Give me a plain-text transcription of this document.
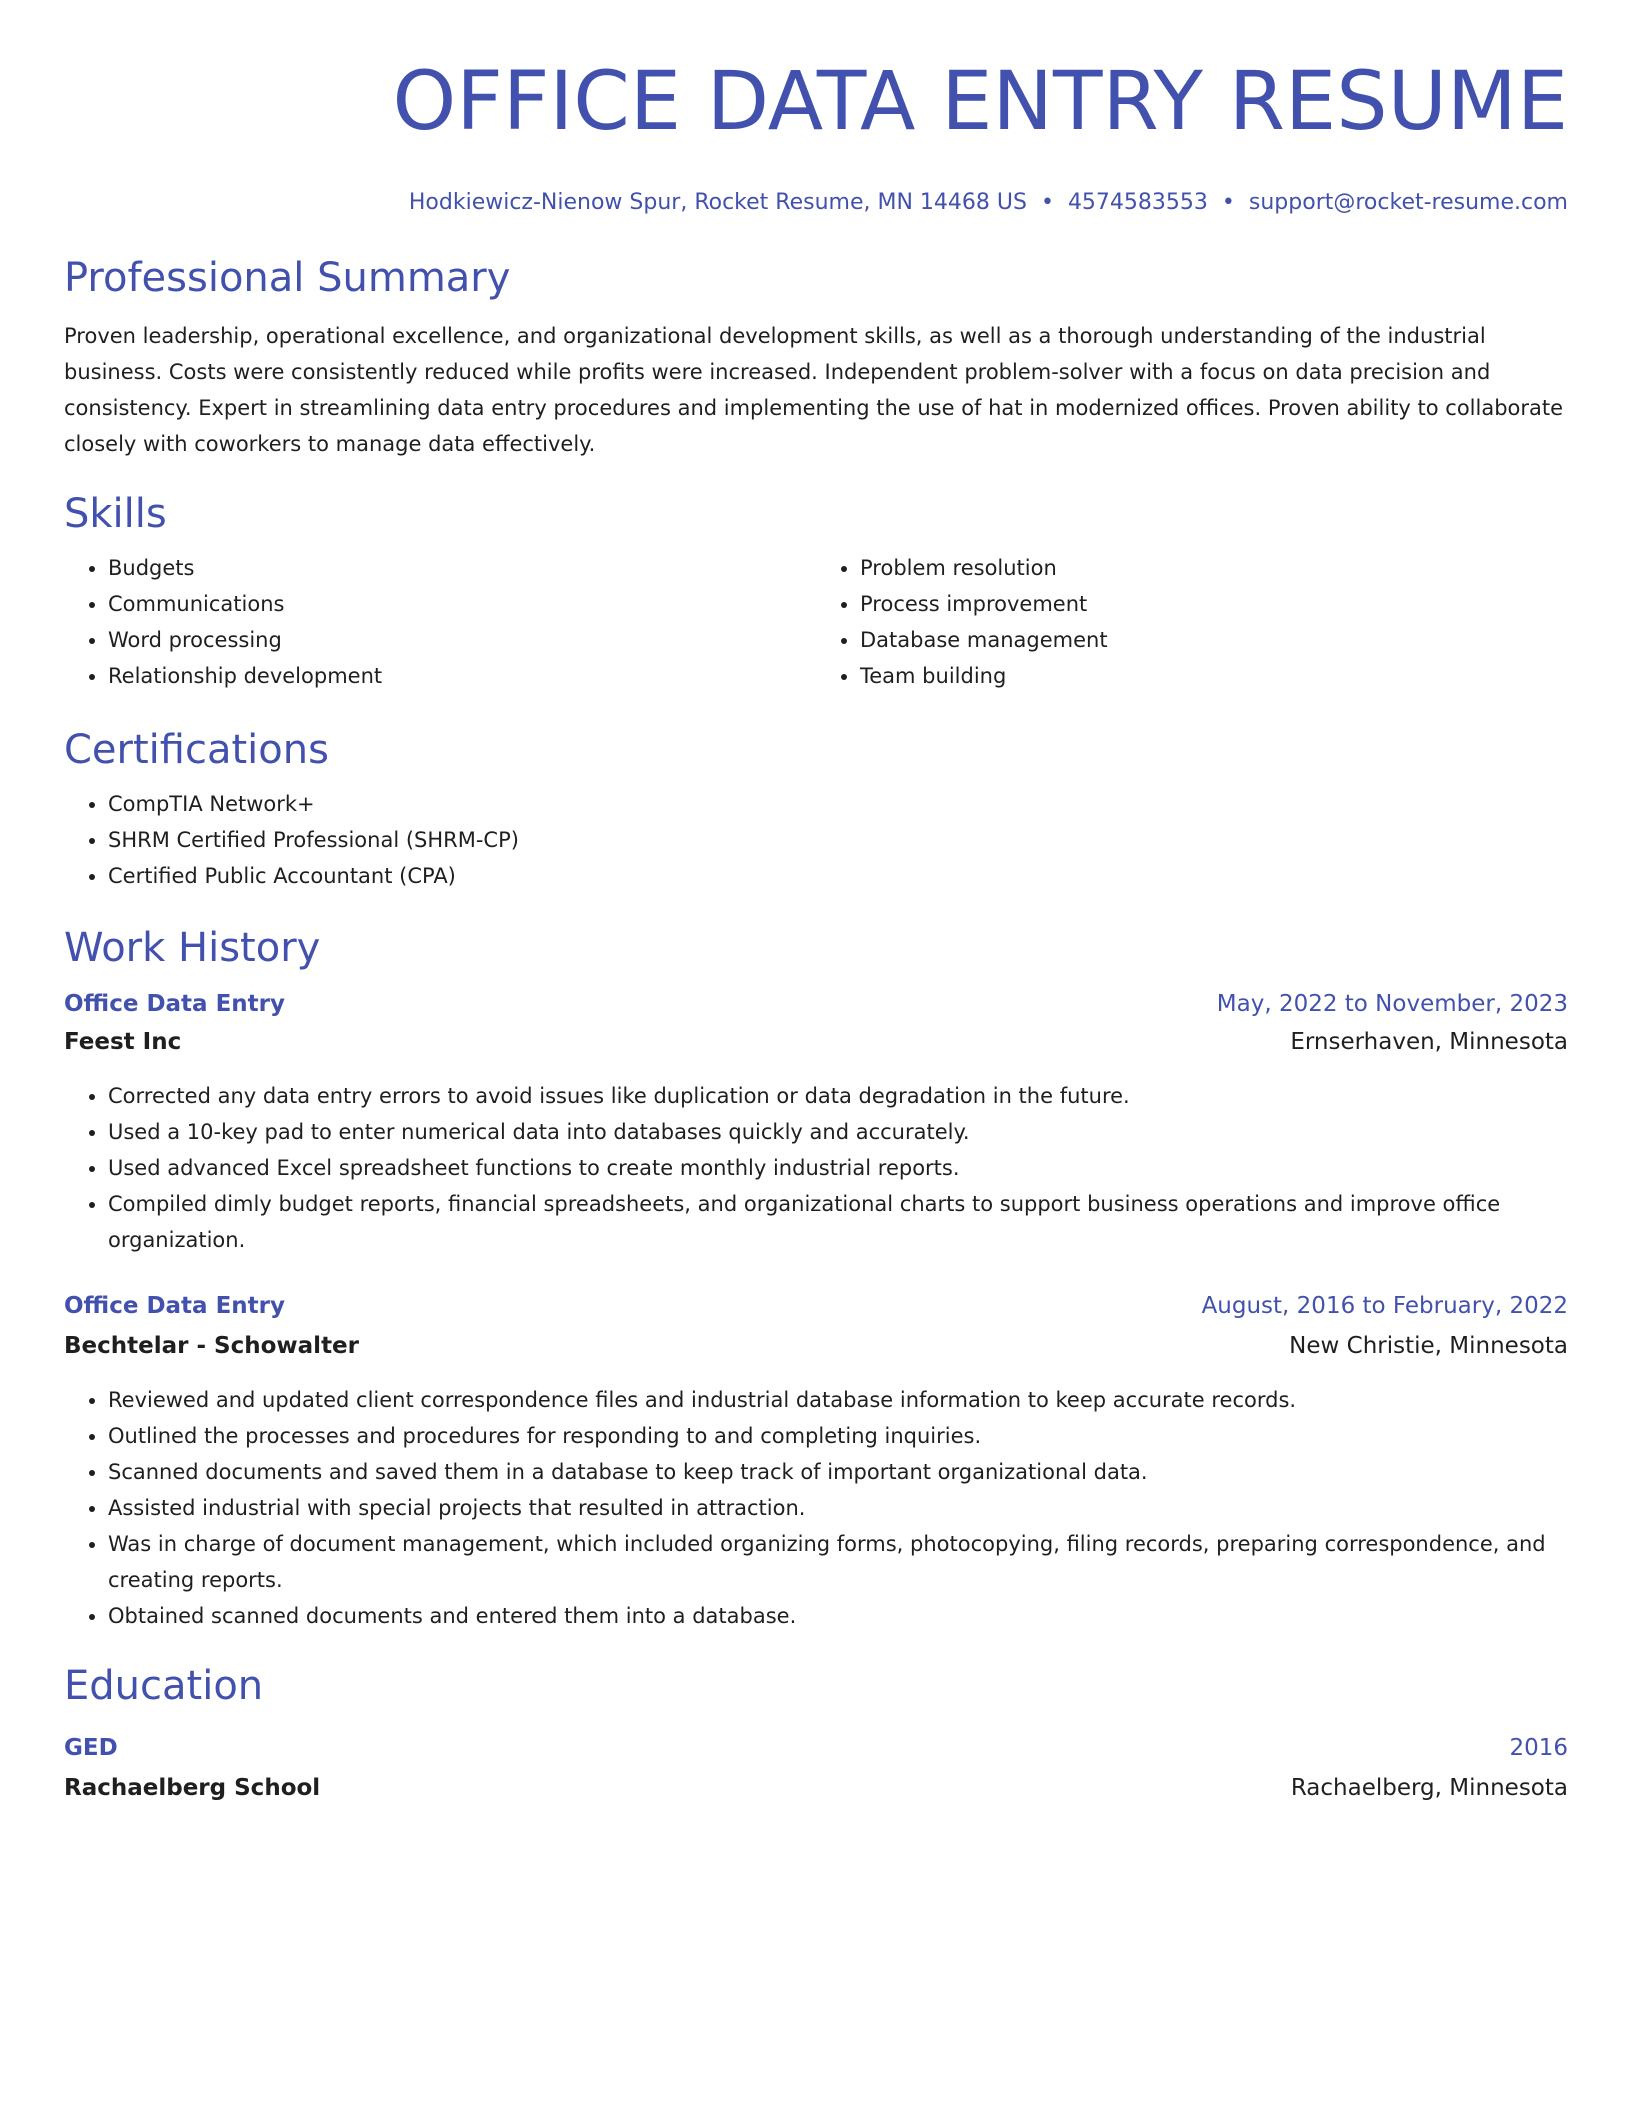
OFFICE DATA ENTRY RESUME
Hodkiewicz-Nienow Spur, Rocket Resume, MN 14468 US • 4574583553 • support@rocket-resume.com
Professional Summary

Proven leadership, operational excellence, and organizational development skills, as well as a thorough understanding of the industrial business. Costs were consistently reduced while profits were increased. Independent problem-solver with a focus on data precision and consistency. Expert in streamlining data entry procedures and implementing the use of hat in modernized offices. Proven ability to collaborate closely with coworkers to manage data effectively.

Skills
• Budgets
• Communications
• Word processing
• Relationship development
• Problem resolution
• Process improvement
• Database management
• Team building
Certifications
• CompTIA Network+
• SHRM Certified Professional (SHRM-CP)
• Certified Public Accountant (CPA)
Work History
Office Data Entry	May, 2022 to November, 2023
Feest Inc	Ernserhaven, Minnesota
• Corrected any data entry errors to avoid issues like duplication or data degradation in the future.
• Used a 10-key pad to enter numerical data into databases quickly and accurately.
• Used advanced Excel spreadsheet functions to create monthly industrial reports.
• Compiled dimly budget reports, financial spreadsheets, and organizational charts to support business operations and improve office organization.
Office Data Entry	August, 2016 to February, 2022
Bechtelar - Schowalter	New Christie, Minnesota
• Reviewed and updated client correspondence files and industrial database information to keep accurate records.
• Outlined the processes and procedures for responding to and completing inquiries.
• Scanned documents and saved them in a database to keep track of important organizational data.
• Assisted industrial with special projects that resulted in attraction.
• Was in charge of document management, which included organizing forms, photocopying, filing records, preparing correspondence, and creating reports.
• Obtained scanned documents and entered them into a database.
Education
GED	2016
Rachaelberg School	Rachaelberg, Minnesota
